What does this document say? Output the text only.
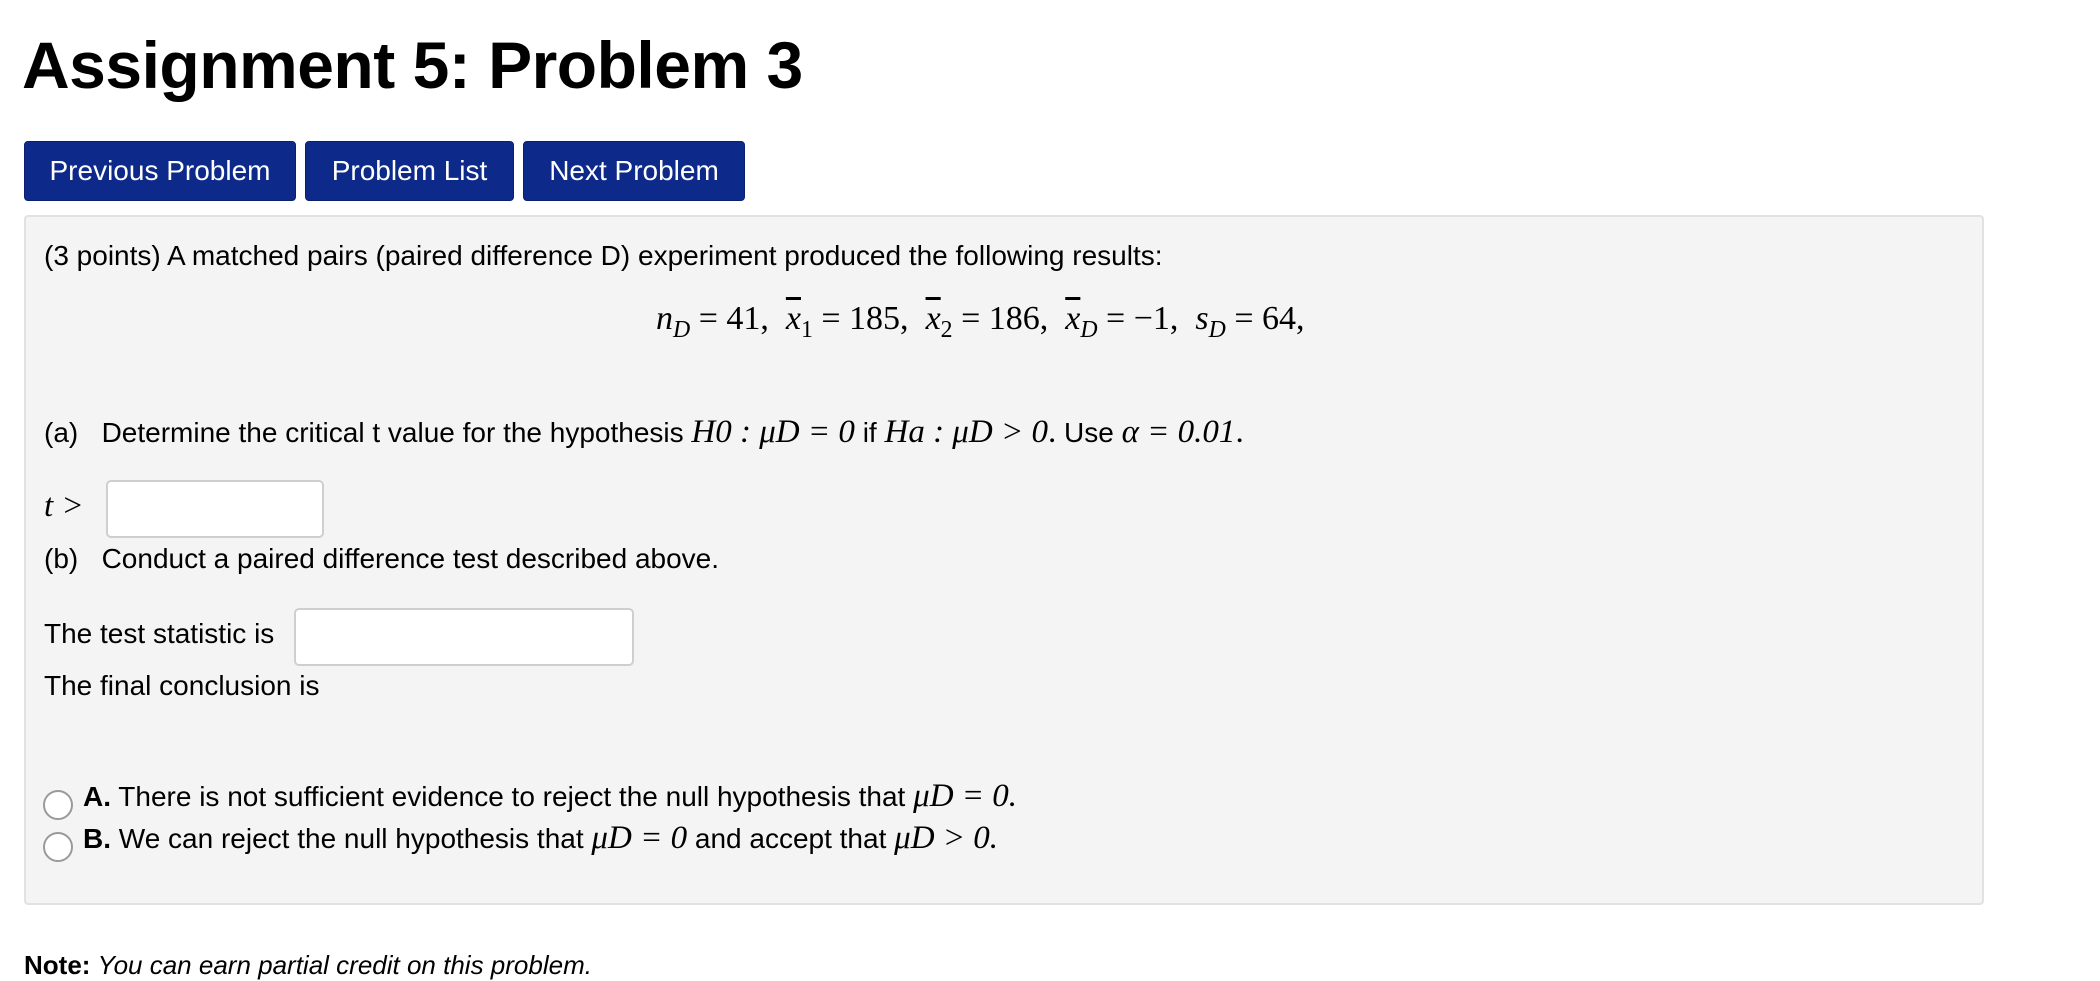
Assignment 5: Problem 3
Previous Problem	Problem List	Next Problem
(3 points) A matched pairs (paired difference D) experiment produced the following results:
$n_D = 41$,  $\overline{x}_1 = 185$,  $\overline{x}_2 = 186$,  $\overline{x}_D = -1$,  $s_D = 64$,
(a) Determine the critical t value for the hypothesis H0 : μD = 0 if Ha : μD > 0. Use α = 0.01.
t >
(b) Conduct a paired difference test described above.
The test statistic is
The final conclusion is
A. There is not sufficient evidence to reject the null hypothesis that μD = 0.
B. We can reject the null hypothesis that μD = 0 and accept that μD > 0.
Note: You can earn partial credit on this problem.
